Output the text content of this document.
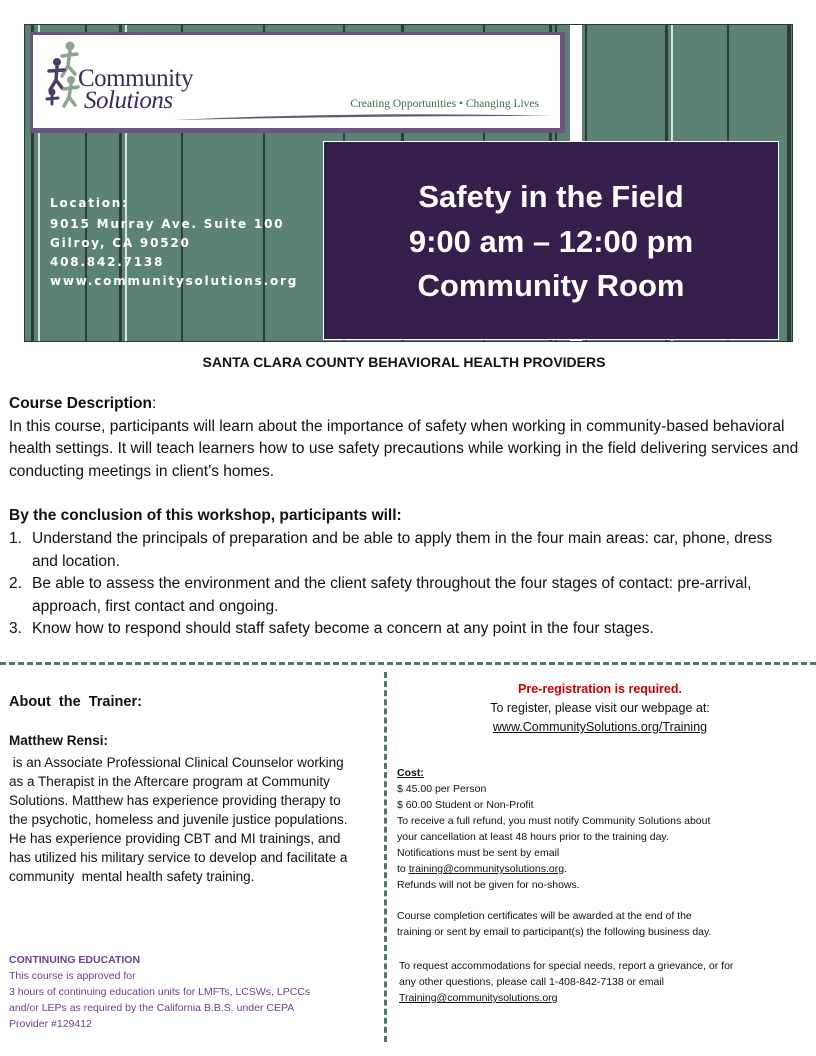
Community
Solutions	Creating Opportunities • Changing Lives
Location:
9015 Murray Ave. Suite 100
Gilroy, CA 90520
408.842.7138
www.communitysolutions.org
Safety in the Field
9:00 am – 12:00 pm
Community Room
SANTA CLARA COUNTY BEHAVIORAL HEALTH PROVIDERS
Course Description:
In this course, participants will learn about the importance of safety when working in community-based behavioral health settings. It will teach learners how to use safety precautions while working in the field delivering services and conducting meetings in client’s homes.
By the conclusion of this workshop, participants will:
1. Understand the principals of preparation and be able to apply them in the four main areas: car, phone, dress and location.
2. Be able to assess the environment and the client safety throughout the four stages of contact: pre-arrival, approach, first contact and ongoing.
3. Know how to respond should staff safety become a concern at any point in the four stages.
About  the  Trainer:
Matthew Rensi:
is an Associate Professional Clinical Counselor working  as a Therapist in the Aftercare program at Community Solutions. Matthew has experience providing therapy to the psychotic, homeless and juvenile justice populations. He has experience providing CBT and MI trainings, and has utilized his military service to develop and facilitate a community  mental health safety training.
CONTINUING EDUCATION
This course is approved for
3 hours of continuing education units for LMFTs, LCSWs, LPCCs
and/or LEPs as required by the California B.B.S. under CEPA
Provider #129412
Pre-registration is required.
To register, please visit our webpage at:
www.CommunitySolutions.org/Training
Cost:
$ 45.00 per Person
$ 60.00 Student or Non-Profit
To receive a full refund, you must notify Community Solutions about
your cancellation at least 48 hours prior to the training day.
Notifications must be sent by email
to training@communitysolutions.org.
Refunds will not be given for no-shows.
Course completion certificates will be awarded at the end of the
training or sent by email to participant(s) the following business day.
To request accommodations for special needs, report a grievance, or for
any other questions, please call 1-408-842-7138 or email
Training@communitysolutions.org
